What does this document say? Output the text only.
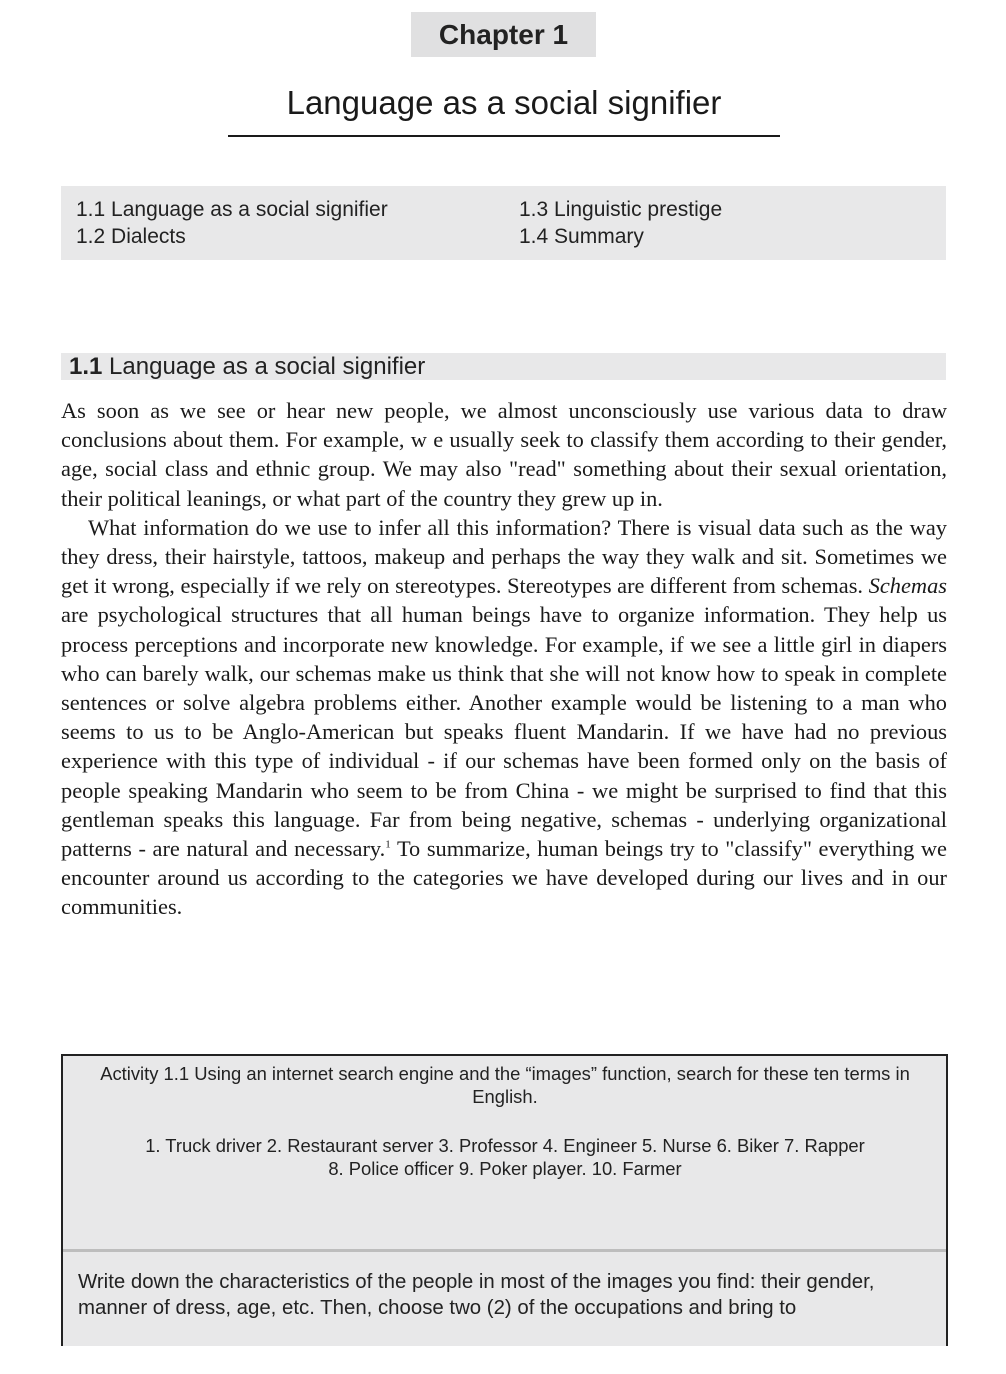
Chapter 1
Language as a social signifier
1.1 Language as a social signifier
1.2 Dialects
1.3 Linguistic prestige
1.4 Summary
1.1 Language as a social signifier

As soon as we see or hear new people, we almost unconsciously use various data to draw conclusions about them. For example, w e usually seek to classify them according to their gender, age, social class and ethnic group. We may also "read" something about their sexual orientation, their political leanings, or what part of the country they grew up in.

What information do we use to infer all this information? There is visual data such as the way they dress, their hairstyle, tattoos, makeup and perhaps the way they walk and sit. Sometimes we get it wrong, especially if we rely on stereotypes. Stereotypes are different from schemas. Schemas are psychological structures that all human beings have to organize information. They help us process perceptions and incorporate new knowledge. For example, if we see a little girl in diapers who can barely walk, our schemas make us think that she will not know how to speak in complete sentences or solve algebra problems either. Another example would be listening to a man who seems to us to be Anglo-American but speaks fluent Mandarin. If we have had no previous experience with this type of individual - if our schemas have been formed only on the basis of people speaking Mandarin who seem to be from China - we might be surprised to find that this gentleman speaks this language. Far from being negative, schemas - underlying organizational patterns - are natural and necessary.$^1$ To summarize, human beings try to "classify" everything we encounter around us according to the categories we have developed during our lives and in our communities.

Activity 1.1 Using an internet search engine and the “images” function, search for these ten terms in English.
1. Truck driver 2. Restaurant server 3. Professor 4. Engineer 5. Nurse 6. Biker 7. Rapper
8. Police officer 9. Poker player. 10. Farmer
Write down the characteristics of the people in most of the images you find: their gender, manner of dress, age, etc. Then, choose two (2) of the occupations and bring to
